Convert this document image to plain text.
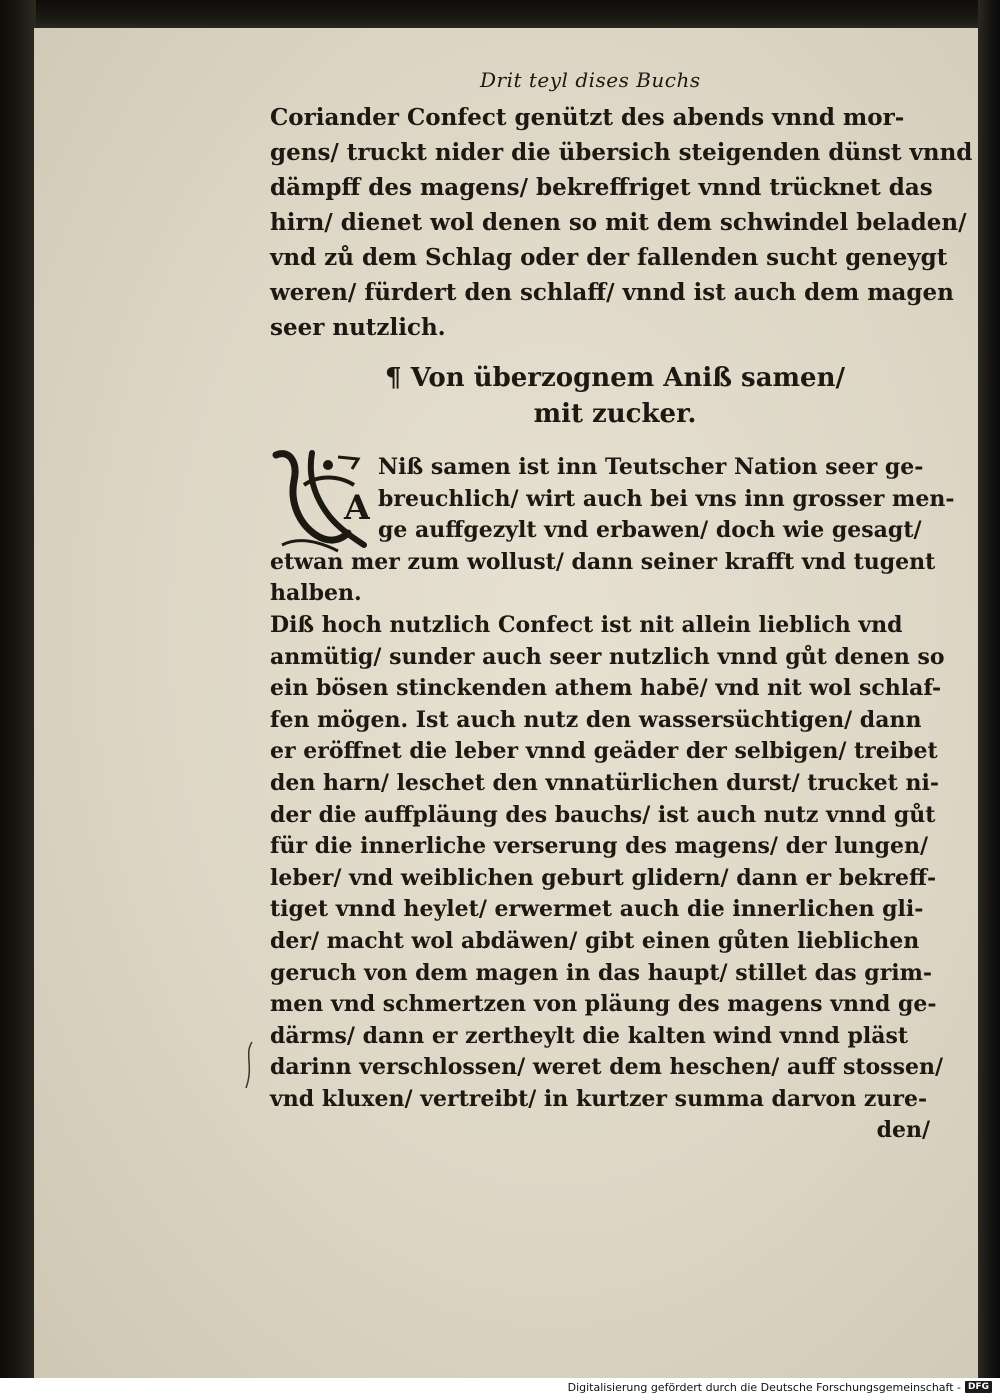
Drit teyl dises Buchs
Coriander Confect genützt des abends vnnd mor-
gens/ truckt nider die übersich steigenden dünst vnnd
dämpff des magens/ bekreffriget vnnd trücknet das
hirn/ dienet wol denen so mit dem schwindel beladen/
vnd zů dem Schlag oder der fallenden sucht geneygt
weren/ fürdert den schlaff/ vnnd ist auch dem magen
seer nutzlich.
¶ Von überzognem Aniß samen/
mit zucker.
A
Niß samen ist inn Teutscher Nation seer ge-
breuchlich/ wirt auch bei vns inn grosser men-
ge auffgezylt vnd erbawen/ doch wie gesagt/
etwan mer zum wollust/ dann seiner krafft vnd tugent
halben.
Diß hoch nutzlich Confect ist nit allein lieblich vnd
anmütig/ sunder auch seer nutzlich vnnd gůt denen so
ein bösen stinckenden athem habē/ vnd nit wol schlaf-
fen mögen. Ist auch nutz den wassersüchtigen/ dann
er eröffnet die leber vnnd geäder der selbigen/ treibet
den harn/ leschet den vnnatürlichen durst/ trucket ni-
der die auffpläung des bauchs/ ist auch nutz vnnd gůt
für die innerliche verserung des magens/ der lungen/
leber/ vnd weiblichen geburt glidern/ dann er bekreff-
tiget vnnd heylet/ erwermet auch die innerlichen gli-
der/ macht wol abdäwen/ gibt einen gůten lieblichen
geruch von dem magen in das haupt/ stillet das grim-
men vnd schmertzen von pläung des magens vnnd ge-
därms/ dann er zertheylt die kalten wind vnnd pläst
darinn verschlossen/ weret dem heschen/ auff stossen/
vnd kluxen/ vertreibt/ in kurtzer summa darvon zure-
den/
Digitalisierung gefördert durch die Deutsche Forschungsgemeinschaft - DFG
